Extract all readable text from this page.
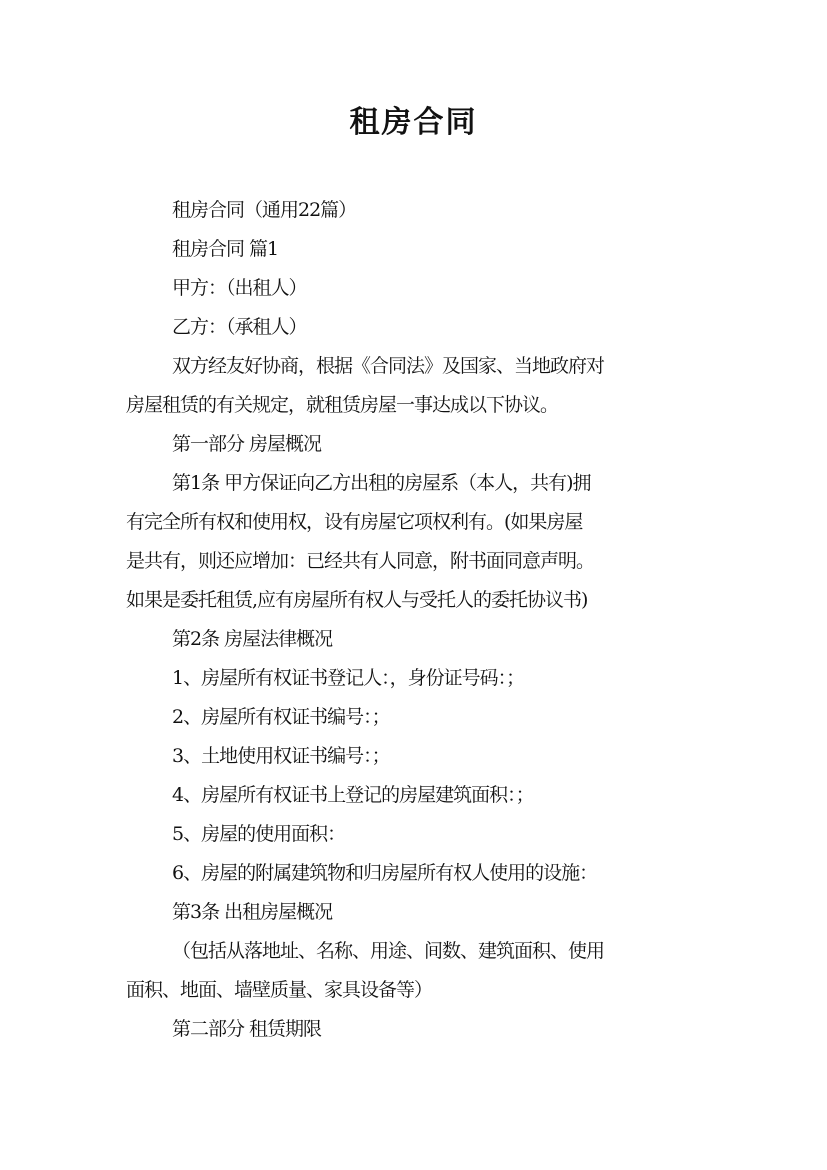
租房合同

租房合同（通用22篇）

租房合同 篇1

甲方：（出租人）

乙方：（承租人）

双方经友好协商，根据《合同法》及国家、当地政府对

房屋租赁的有关规定，就租赁房屋一事达成以下协议。

第一部分 房屋概况

第1条 甲方保证向乙方出租的房屋系（本人，共有)拥

有完全所有权和使用权，设有房屋它项权利有。(如果房屋

是共有，则还应增加：已经共有人同意，附书面同意声明。

如果是委托租赁,应有房屋所有权人与受托人的委托协议书)

第2条 房屋法律概况

1、房屋所有权证书登记人：，身份证号码：；

2、房屋所有权证书编号：；

3、土地使用权证书编号：；

4、房屋所有权证书上登记的房屋建筑面积：；

5、房屋的使用面积：

6、房屋的附属建筑物和归房屋所有权人使用的设施：

第3条 出租房屋概况

（包括从落地址、名称、用途、间数、建筑面积、使用

面积、地面、墙壁质量、家具设备等）

第二部分 租赁期限
